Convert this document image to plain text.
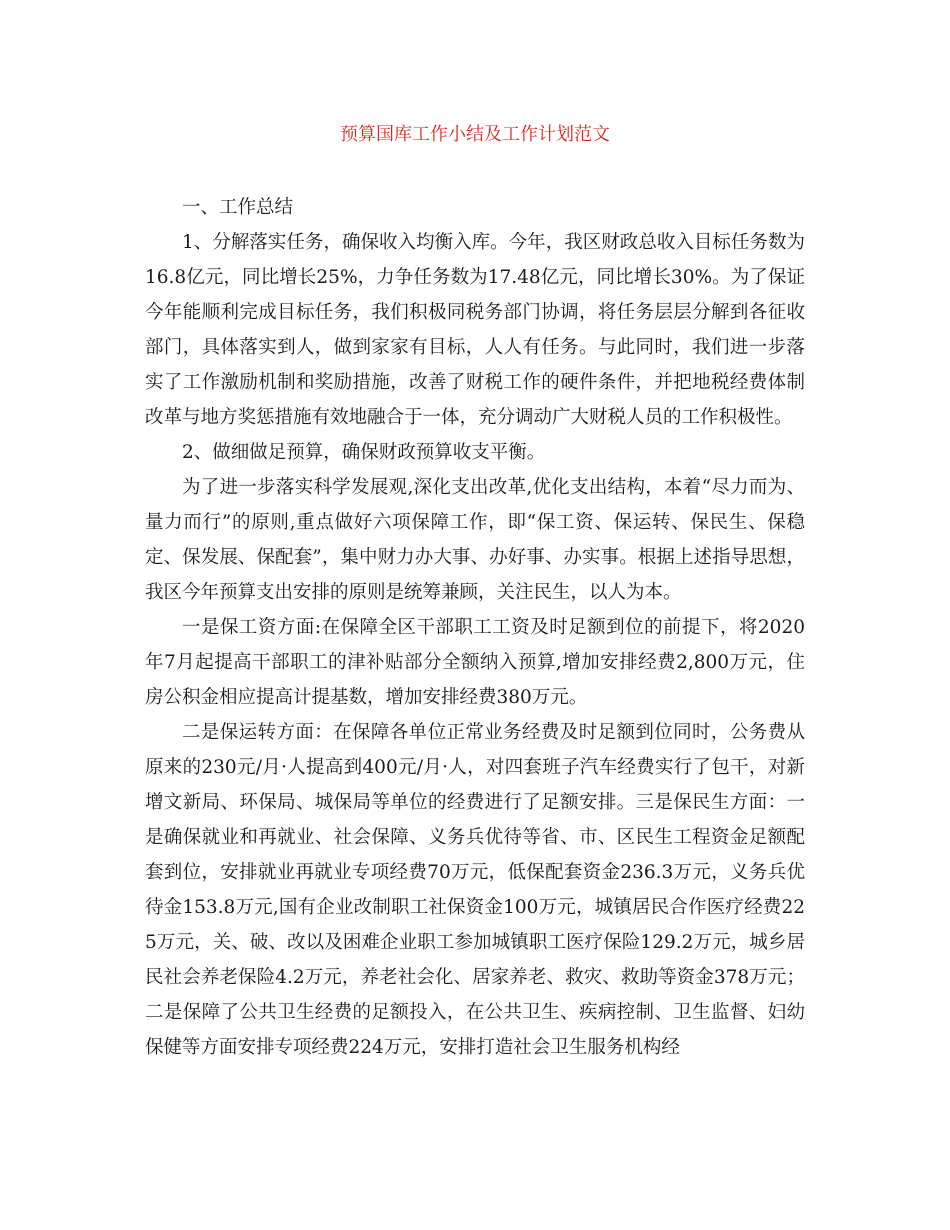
预算国库工作小结及工作计划范文

一、工作总结

1、分解落实任务，确保收入均衡入库。今年，我区财政总收入目标任务数为16.8亿元，同比增长25%，力争任务数为17.48亿元，同比增长30%。为了保证今年能顺利完成目标任务，我们积极同税务部门协调，将任务层层分解到各征收部门，具体落实到人，做到家家有目标，人人有任务。与此同时，我们进一步落实了工作激励机制和奖励措施，改善了财税工作的硬件条件，并把地税经费体制改革与地方奖惩措施有效地融合于一体，充分调动广大财税人员的工作积极性。

2、做细做足预算，确保财政预算收支平衡。

为了进一步落实科学发展观,深化支出改革,优化支出结构，本着“尽力而为、量力而行”的原则,重点做好六项保障工作，即“保工资、保运转、保民生、保稳定、保发展、保配套”，集中财力办大事、办好事、办实事。根据上述指导思想，我区今年预算支出安排的原则是统筹兼顾，关注民生，以人为本。

一是保工资方面:在保障全区干部职工工资及时足额到位的前提下，将2020年7月起提高干部职工的津补贴部分全额纳入预算,增加安排经费2,800万元，住房公积金相应提高计提基数，增加安排经费380万元。

二是保运转方面：在保障各单位正常业务经费及时足额到位同时，公务费从原来的230元/月·人提高到400元/月·人，对四套班子汽车经费实行了包干，对新增文新局、环保局、城保局等单位的经费进行了足额安排。三是保民生方面：一是确保就业和再就业、社会保障、义务兵优待等省、市、区民生工程资金足额配套到位，安排就业再就业专项经费70万元，低保配套资金236.3万元，义务兵优待金153.8万元,国有企业改制职工社保资金100万元，城镇居民合作医疗经费225万元，关、破、改以及困难企业职工参加城镇职工医疗保险129.2万元，城乡居民社会养老保险4.2万元，养老社会化、居家养老、救灾、救助等资金378万元；二是保障了公共卫生经费的足额投入，在公共卫生、疾病控制、卫生监督、妇幼保健等方面安排专项经费224万元，安排打造社会卫生服务机构经
